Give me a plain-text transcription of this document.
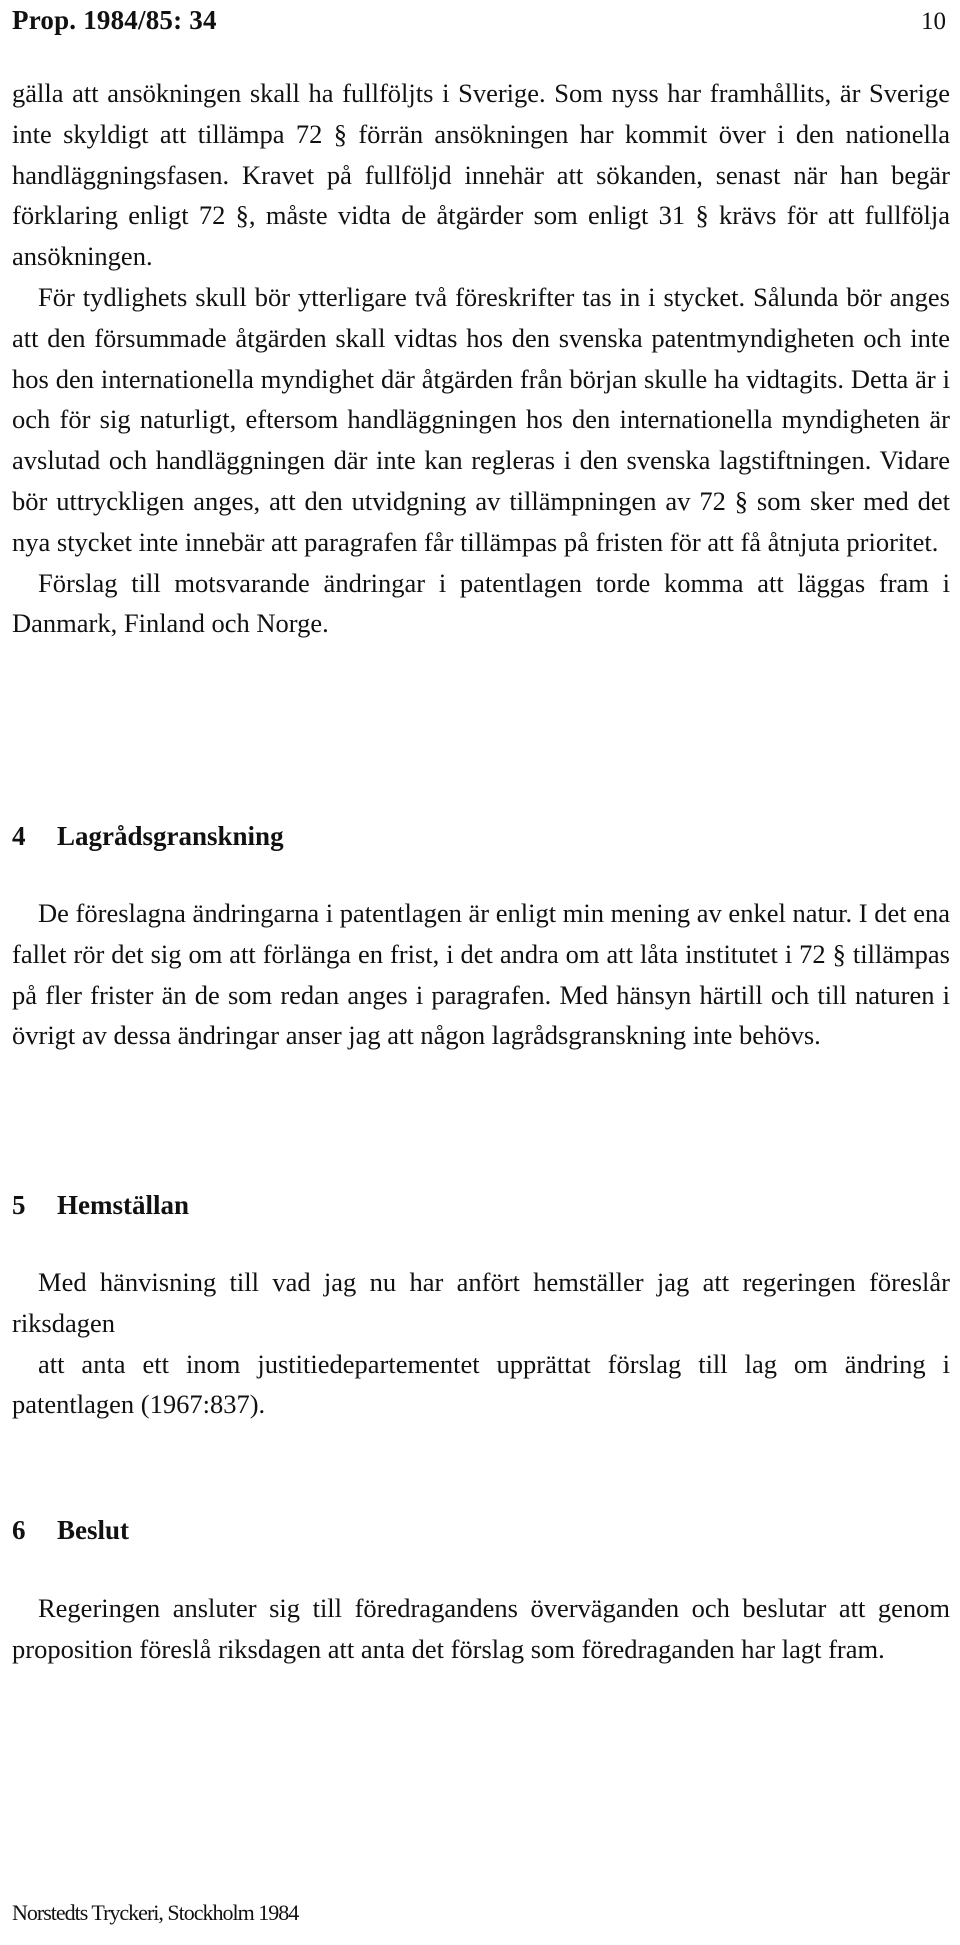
Prop. 1984/85: 34	10

gälla att ansökningen skall ha fullföljts i Sverige. Som nyss har framhållits, är Sverige inte skyldigt att tillämpa 72 § förrän ansökningen har kommit över i den nationella handläggningsfasen. Kravet på fullföljd innehär att sökanden, senast när han begär förklaring enligt 72 §, måste vidta de åtgärder som enligt 31 § krävs för att fullfölja ansökningen.

För tydlighets skull bör ytterligare två föreskrifter tas in i stycket. Sålunda bör anges att den försummade åtgärden skall vidtas hos den svenska patentmyndigheten och inte hos den internationella myndighet där åtgärden från början skulle ha vidtagits. Detta är i och för sig naturligt, eftersom handläggningen hos den internationella myndigheten är avslutad och handläggningen där inte kan regleras i den svenska lagstiftningen. Vidare bör uttryckligen anges, att den utvidgning av tillämpningen av 72 § som sker med det nya stycket inte innebär att paragrafen får tillämpas på fristen för att få åtnjuta prioritet.

Förslag till motsvarande ändringar i patentlagen torde komma att läggas fram i Danmark, Finland och Norge.

4 Lagrådsgranskning

De föreslagna ändringarna i patentlagen är enligt min mening av enkel natur. I det ena fallet rör det sig om att förlänga en frist, i det andra om att låta institutet i 72 § tillämpas på fler frister än de som redan anges i paragrafen. Med hänsyn härtill och till naturen i övrigt av dessa ändringar anser jag att någon lagrådsgranskning inte behövs.

5 Hemställan

Med hänvisning till vad jag nu har anfört hemställer jag att regeringen föreslår riksdagen

att anta ett inom justitiedepartementet upprättat förslag till lag om ändring i patentlagen (1967:837).

6 Beslut

Regeringen ansluter sig till föredragandens överväganden och beslutar att genom proposition föreslå riksdagen att anta det förslag som föredraganden har lagt fram.

Norstedts Tryckeri, Stockholm 1984
